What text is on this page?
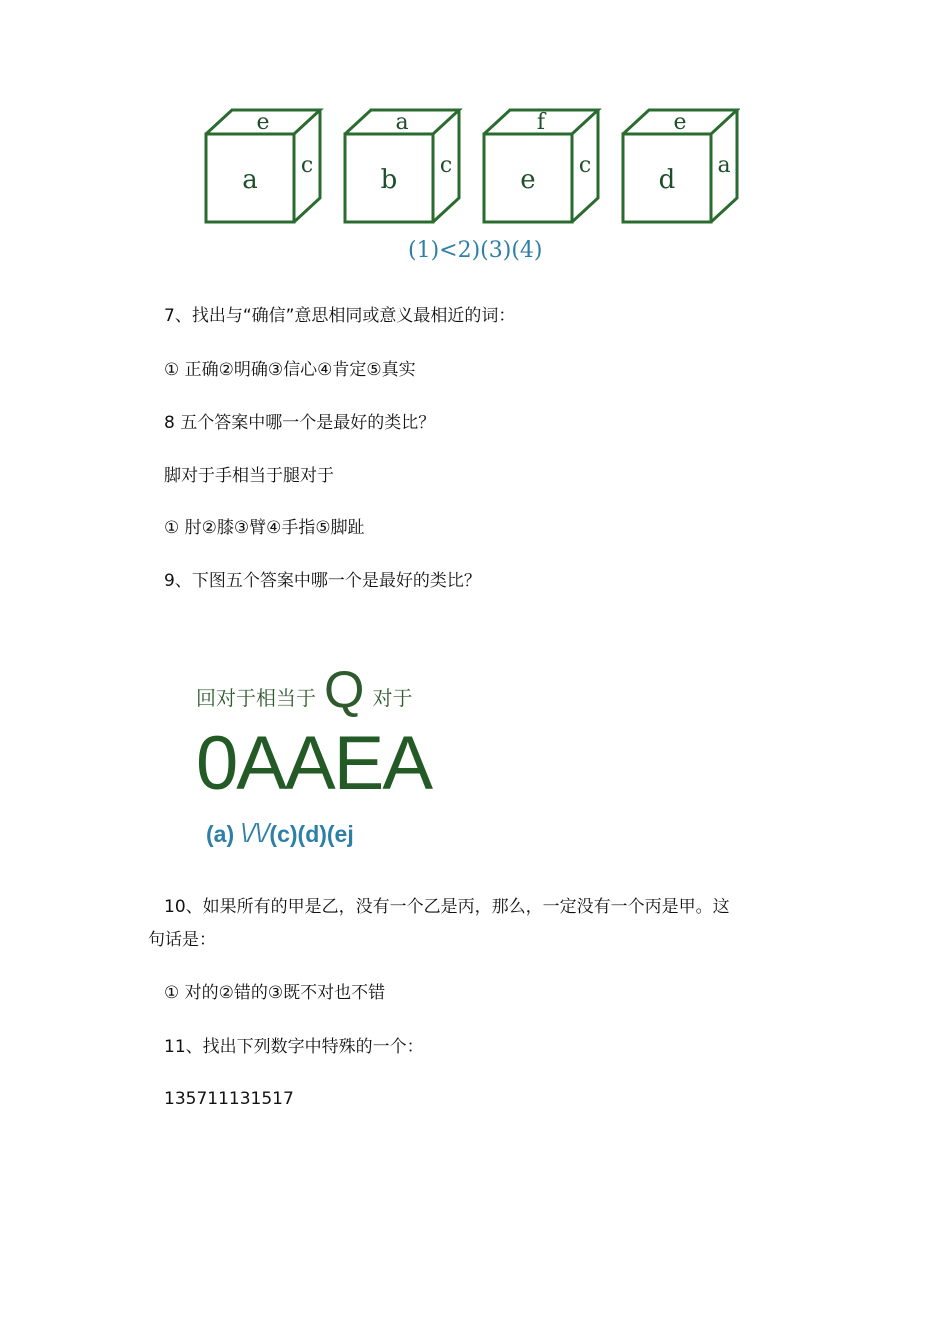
e
a c
a
b c
f
e c
e
d a
(1)<2)(3)(4)
7、找出与“确信”意思相同或意义最相近的词：
① 正确②明确③信心④肯定⑤真实
8 五个答案中哪一个是最好的类比？
脚对于手相当于腿对于
① 肘②膝③臂④手指⑤脚趾
9、下图五个答案中哪一个是最好的类比？
回对于相当于 Q 对于
0AAEA
(a) \/\/(c)(d)(ej
10、如果所有的甲是乙，没有一个乙是丙，那么，一定没有一个丙是甲。这
句话是：
① 对的②错的③既不对也不错
11、找出下列数字中特殊的一个：
135711131517
